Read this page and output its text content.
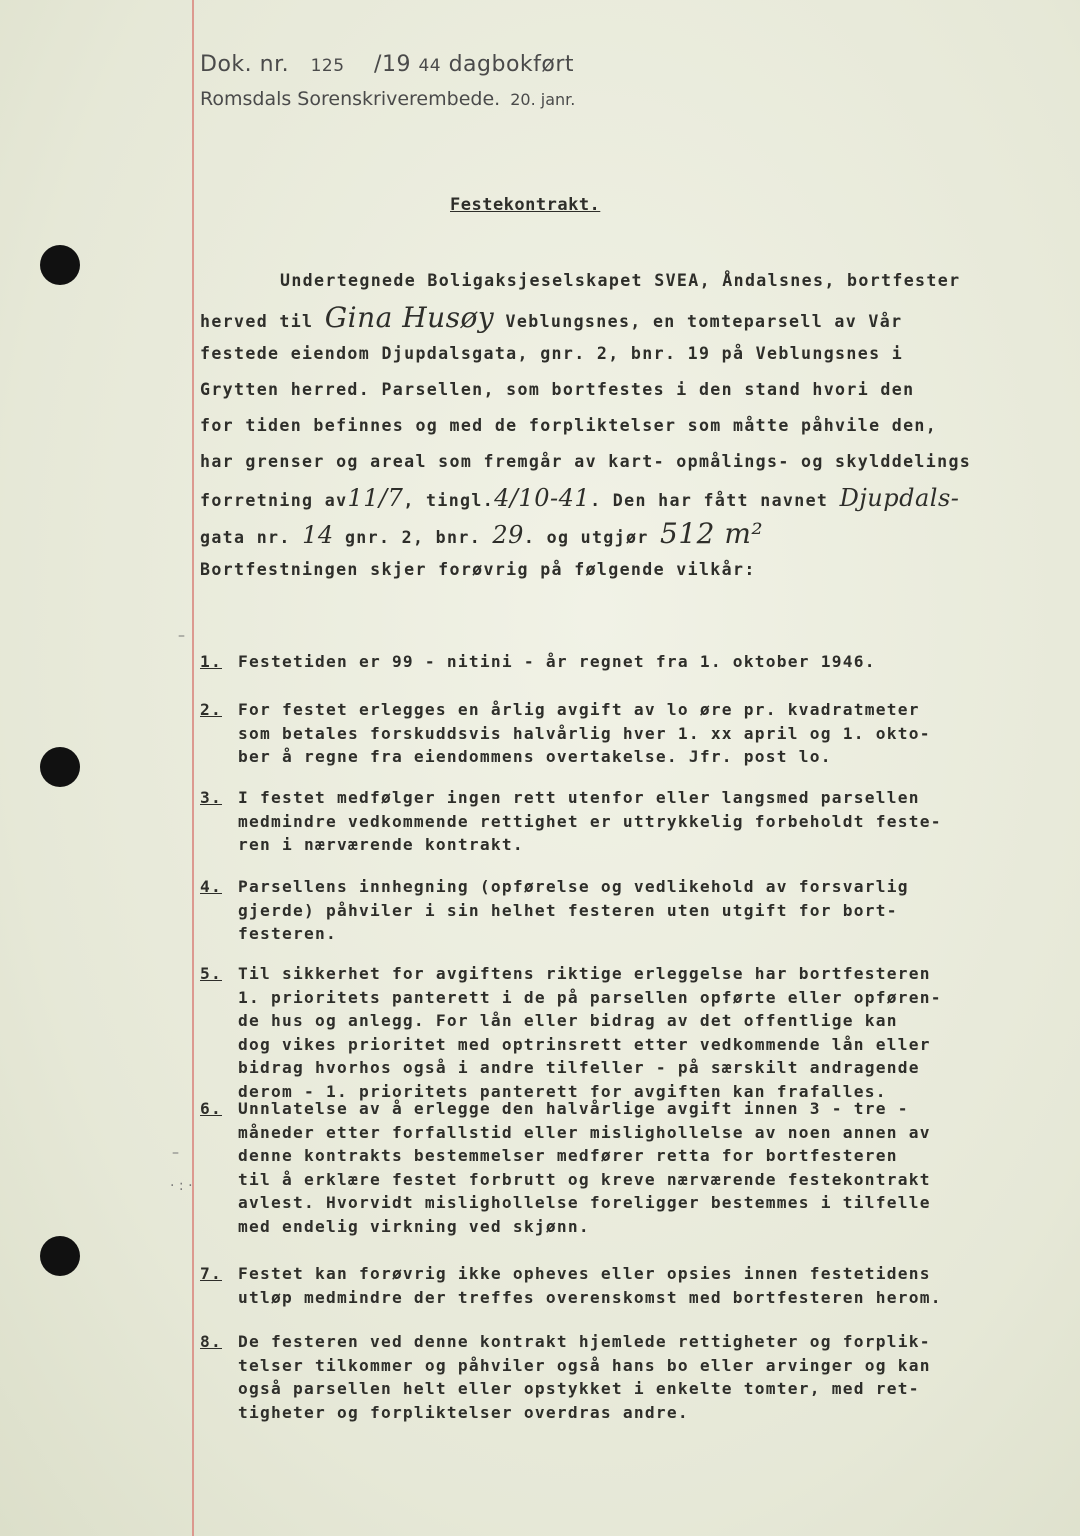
Dok. nr. 125 /19 44 dagbokført
Romsdals Sorenskriverembede. 20. janr.
Festekontrakt.
Undertegnede Boligaksjeselskapet SVEA, Åndalsnes, bortfester
herved til Gina Husøy Veblungsnes, en tomteparsell av Vår
festede eiendom Djupdalsgata, gnr. 2, bnr. 19 på Veblungsnes i
Grytten herred. Parsellen, som bortfestes i den stand hvori den
for tiden befinnes og med de forpliktelser som måtte påhvile den,
har grenser og areal som fremgår av kart- opmålings- og skylddelings
forretning av11/7, tingl.4/10-41. Den har fått navnet Djupdals-
gata nr. 14 gnr. 2, bnr. 29. og utgjør 512 m²
Bortfestningen skjer forøvrig på følgende vilkår:
–
–
· : ·
1. Festetiden er 99 - nitini - år regnet fra 1. oktober 1946.
2. For festet erlegges en årlig avgift av lo øre pr. kvadratmeter
som betales forskuddsvis halvårlig hver 1. xx april og 1. okto-
ber å regne fra eiendommens overtakelse. Jfr. post lo.
3. I festet medfølger ingen rett utenfor eller langsmed parsellen
medmindre vedkommende rettighet er uttrykkelig forbeholdt feste-
ren i nærværende kontrakt.
4. Parsellens innhegning (opførelse og vedlikehold av forsvarlig
gjerde) påhviler i sin helhet festeren uten utgift for bort-
festeren.
5. Til sikkerhet for avgiftens riktige erleggelse har bortfesteren
1. prioritets panterett i de på parsellen opførte eller opføren-
de hus og anlegg. For lån eller bidrag av det offentlige kan
dog vikes prioritet med optrinsrett etter vedkommende lån eller
bidrag hvorhos også i andre tilfeller - på særskilt andragende
derom - 1. prioritets panterett for avgiften kan frafalles.
6. Unnlatelse av å erlegge den halvårlige avgift innen 3 - tre -
måneder etter forfallstid eller mislighollelse av noen annen av
denne kontrakts bestemmelser medfører retta for bortfesteren
til å erklære festet forbrutt og kreve nærværende festekontrakt
avlest. Hvorvidt mislighollelse foreligger bestemmes i tilfelle
med endelig virkning ved skjønn.
7. Festet kan forøvrig ikke opheves eller opsies innen festetidens
utløp medmindre der treffes overenskomst med bortfesteren herom.
8. De festeren ved denne kontrakt hjemlede rettigheter og forplik-
telser tilkommer og påhviler også hans bo eller arvinger og kan
også parsellen helt eller opstykket i enkelte tomter, med ret-
tigheter og forpliktelser overdras andre.
